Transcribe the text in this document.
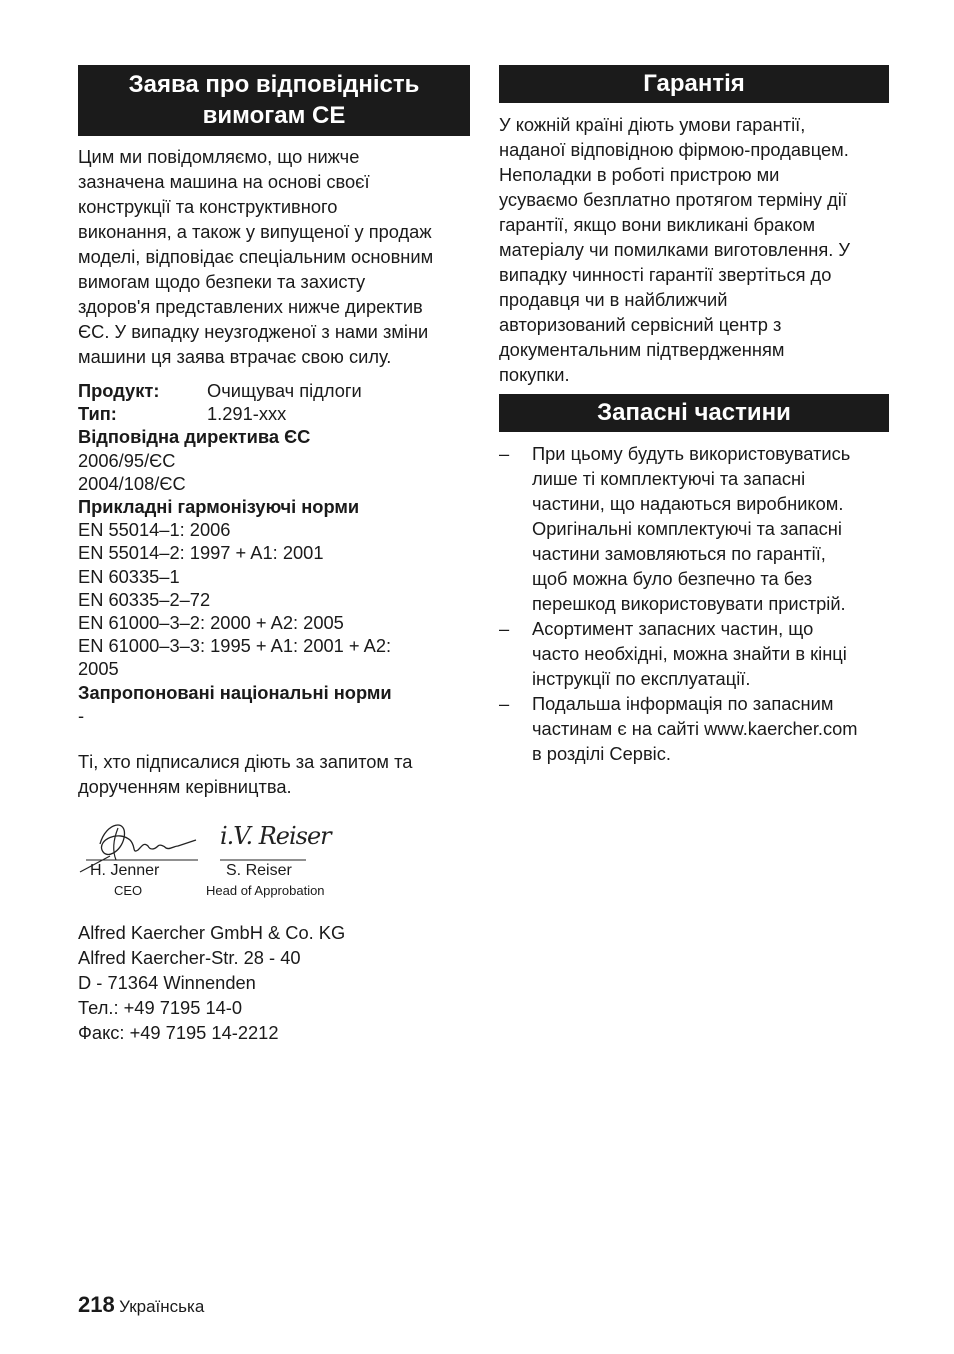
Заява про відповідність
вимогам CE

Цим ми повідомляємо, що нижче
зазначена машина на основі своєї
конструкції та конструктивного
виконання, а також у випущеної у продаж
моделі, відповідає спеціальним основним
вимогам щодо безпеки та захисту
здоров'я представлених нижче директив
ЄС. У випадку неузгодженої з нами зміни
машини ця заява втрачає свою силу.

Продукт:	Очищувач підлоги
Тип:	1.291-xxx
Відповідна директива ЄС
2006/95/ЄС
2004/108/ЄС
Прикладні гармонізуючі норми
EN 55014–1: 2006
EN 55014–2: 1997 + A1: 2001
EN 60335–1
EN 60335–2–72
EN 61000–3–2: 2000 + A2: 2005
EN 61000–3–3: 1995 + A1: 2001 + A2:
2005
Запропоновані національні норми
-

Ті, хто підписалися діють за запитом та
дорученням керівництва.

i.V. Reiser
H. Jenner
CEO
S. Reiser
Head of Approbation

Alfred Kaercher GmbH & Co. KG
Alfred Kaercher-Str. 28 - 40
D - 71364 Winnenden
Тел.: +49 7195 14-0
Факс: +49 7195 14-2212

Гарантія

У кожній країні діють умови гарантії,
наданої відповідною фірмою-продавцем.
Неполадки в роботі пристрою ми
усуваємо безплатно протягом терміну дії
гарантії, якщо вони викликані браком
матеріалу чи помилками виготовлення. У
випадку чинності гарантії звертіться до
продавця чи в найближчий
авторизований сервісний центр з
документальним підтвердженням
покупки.

Запасні частини
– При цьому будуть використовуватись
лише ті комплектуючі та запасні
частини, що надаються виробником.
Оригінальні комплектуючі та запасні
частини замовляються по гарантії,
щоб можна було безпечно та без
перешкод використовувати пристрій.
– Асортимент запасних частин, що
часто необхідні, можна знайти в кінці
інструкції по експлуатації.
– Подальша інформація по запасним
частинам є на сайті www.kaercher.com
в розділі Сервіс.
218 Українська
